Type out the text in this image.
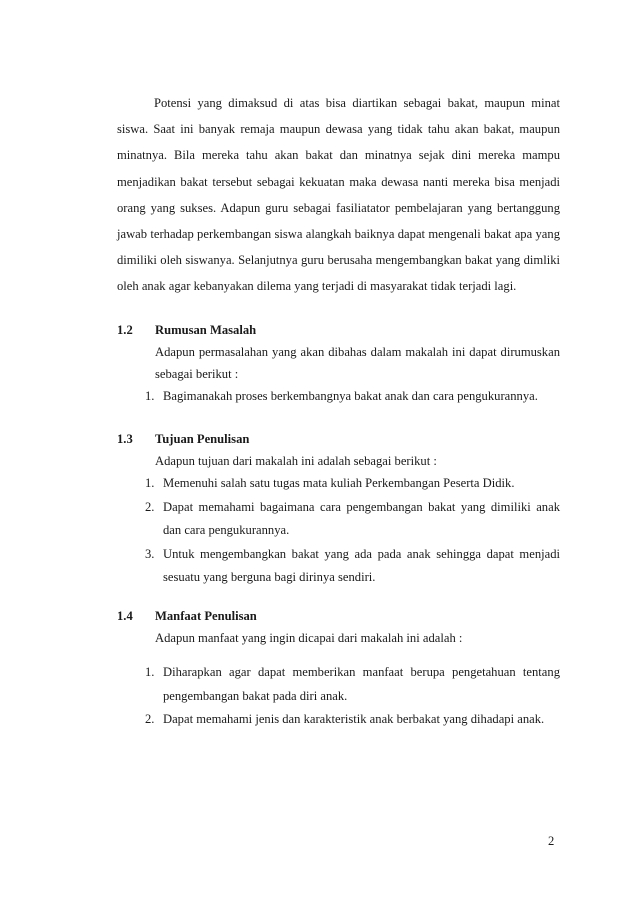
Potensi yang dimaksud di atas bisa diartikan sebagai bakat, maupun minat siswa. Saat ini banyak remaja maupun dewasa yang tidak tahu akan bakat, maupun minatnya. Bila mereka tahu akan bakat dan minatnya sejak dini mereka mampu menjadikan bakat tersebut sebagai kekuatan maka dewasa nanti mereka bisa menjadi orang yang sukses. Adapun guru sebagai fasiliatator pembelajaran yang bertanggung jawab terhadap perkembangan siswa alangkah baiknya dapat mengenali bakat apa yang dimiliki oleh siswanya. Selanjutnya guru berusaha mengembangkan bakat yang dimliki oleh anak agar kebanyakan dilema yang terjadi di masyarakat tidak terjadi lagi.

1.2 Rumusan Masalah
Adapun permasalahan yang akan dibahas dalam makalah ini dapat dirumuskan sebagai berikut :
1. Bagimanakah proses berkembangnya bakat anak dan cara pengukurannya.
1.3 Tujuan Penulisan
Adapun tujuan dari makalah ini adalah sebagai berikut :
1. Memenuhi salah satu tugas mata kuliah Perkembangan Peserta Didik.
2. Dapat memahami bagaimana cara pengembangan bakat yang dimiliki anak dan cara pengukurannya.
3. Untuk mengembangkan bakat yang ada pada anak sehingga dapat menjadi sesuatu yang berguna bagi dirinya sendiri.
1.4 Manfaat Penulisan
Adapun manfaat yang ingin dicapai dari makalah ini adalah :
1. Diharapkan agar dapat memberikan manfaat berupa pengetahuan tentang pengembangan bakat pada diri anak.
2. Dapat memahami jenis dan karakteristik anak berbakat yang dihadapi anak.
2
